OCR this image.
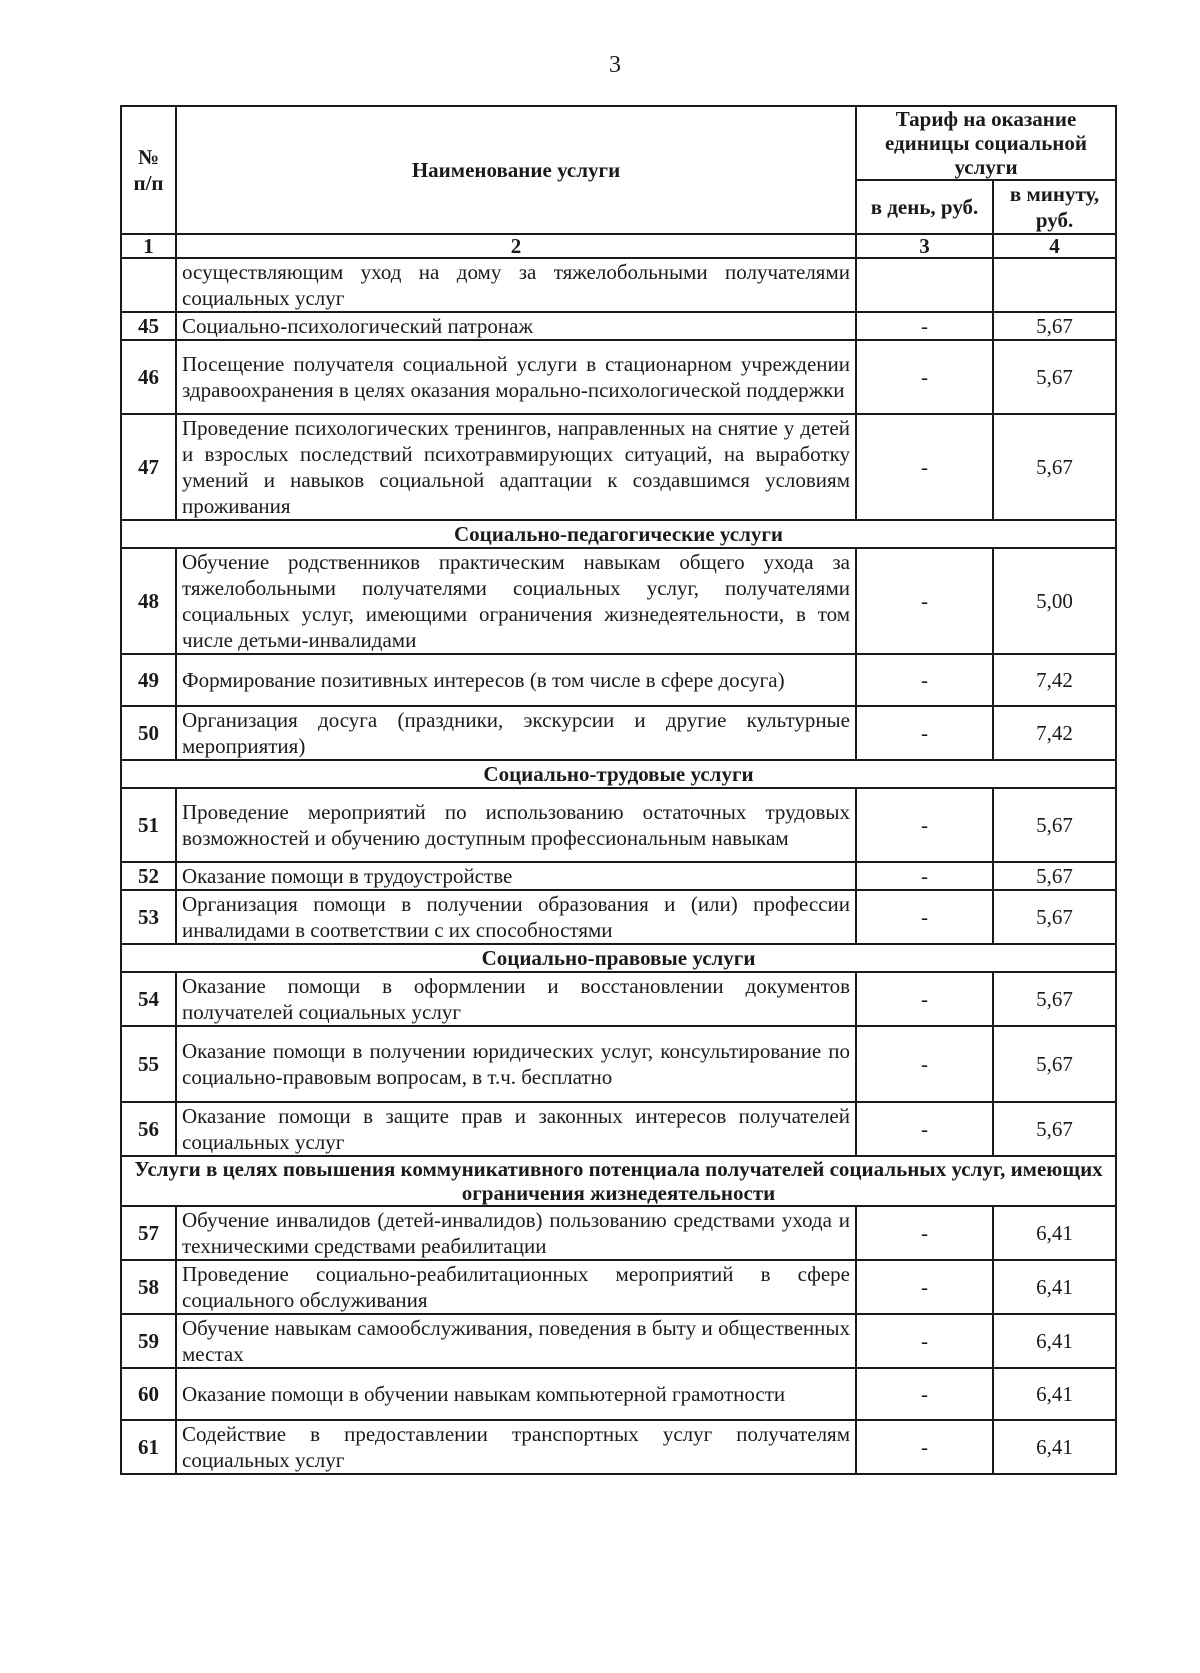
3
№ п/п	Наименование услуги	Тариф на оказание единицы социальной услуги	
		в день, руб.	в минуту, руб.
1	2	3	4
	осуществляющим уход на дому за тяжелобольными получателями социальных услуг		
45	Социально-психологический патронаж	-	5,67
46	Посещение получателя социальной услуги в стационарном учреждении здравоохранения в целях оказания морально-психологической поддержки	-	5,67
47	Проведение психологических тренингов, направленных на снятие у детей и взрослых последствий психотравмирующих ситуаций, на выработку умений и навыков социальной адаптации к создавшимся условиям проживания	-	5,67
Социально-педагогические услуги			
48	Обучение родственников практическим навыкам общего ухода за тяжелобольными получателями социальных услуг, получателями социальных услуг, имеющими ограничения жизнедеятельности, в том числе детьми-инвалидами	-	5,00
49	Формирование позитивных интересов (в том числе в сфере досуга)	-	7,42
50	Организация досуга (праздники, экскурсии и другие культурные мероприятия)	-	7,42
Социально-трудовые услуги			
51	Проведение мероприятий по использованию остаточных трудовых возможностей и обучению доступным профессиональным навыкам	-	5,67
52	Оказание помощи в трудоустройстве	-	5,67
53	Организация помощи в получении образования и (или) профессии инвалидами в соответствии с их способностями	-	5,67
Социально-правовые услуги			
54	Оказание помощи в оформлении и восстановлении документов получателей социальных услуг	-	5,67
55	Оказание помощи в получении юридических услуг, консультирование по социально-правовым вопросам, в т.ч. бесплатно	-	5,67
56	Оказание помощи в защите прав и законных интересов получателей социальных услуг	-	5,67
Услуги в целях повышения коммуникативного потенциала получателей социальных услуг, имеющих ограничения жизнедеятельности			
57	Обучение инвалидов (детей-инвалидов) пользованию средствами ухода и техническими средствами реабилитации	-	6,41
58	Проведение социально-реабилитационных мероприятий в сфере социального обслуживания	-	6,41
59	Обучение навыкам самообслуживания, поведения в быту и общественных местах	-	6,41
60	Оказание помощи в обучении навыкам компьютерной грамотности	-	6,41
61	Содействие в предоставлении транспортных услуг получателям социальных услуг	-	6,41
